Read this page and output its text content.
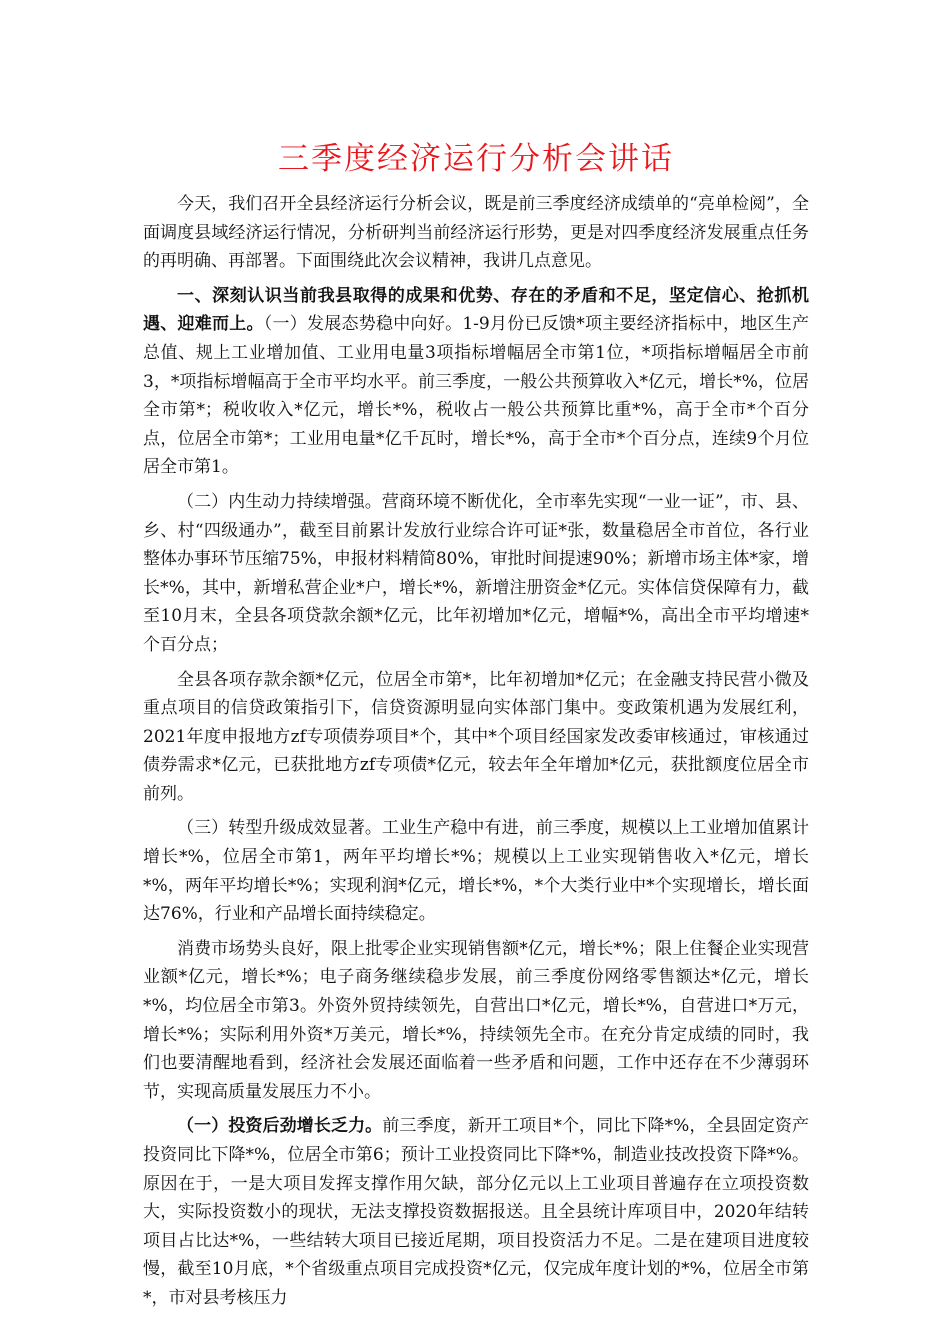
三季度经济运行分析会讲话

今天，我们召开全县经济运行分析会议，既是前三季度经济成绩单的“亮单检阅”，全面调度县域经济运行情况，分析研判当前经济运行形势，更是对四季度经济发展重点任务的再明确、再部署。下面围绕此次会议精神，我讲几点意见。

一、深刻认识当前我县取得的成果和优势、存在的矛盾和不足，坚定信心、抢抓机遇、迎难而上。（一）发展态势稳中向好。1-9月份已反馈*项主要经济指标中，地区生产总值、规上工业增加值、工业用电量3项指标增幅居全市第1位，*项指标增幅居全市前3，*项指标增幅高于全市平均水平。前三季度，一般公共预算收入*亿元，增长*%，位居全市第*；税收收入*亿元，增长*%，税收占一般公共预算比重*%，高于全市*个百分点，位居全市第*；工业用电量*亿千瓦时，增长*%，高于全市*个百分点，连续9个月位居全市第1。

（二）内生动力持续增强。营商环境不断优化，全市率先实现“一业一证”，市、县、乡、村“四级通办”，截至目前累计发放行业综合许可证*张，数量稳居全市首位，各行业整体办事环节压缩75%，申报材料精简80%，审批时间提速90%；新增市场主体*家，增长*%，其中，新增私营企业*户，增长*%，新增注册资金*亿元。实体信贷保障有力，截至10月末，全县各项贷款余额*亿元，比年初增加*亿元，增幅*%，高出全市平均增速*个百分点；

全县各项存款余额*亿元，位居全市第*，比年初增加*亿元；在金融支持民营小微及重点项目的信贷政策指引下，信贷资源明显向实体部门集中。变政策机遇为发展红利，2021年度申报地方zf专项债券项目*个，其中*个项目经国家发改委审核通过，审核通过债券需求*亿元，已获批地方zf专项债*亿元，较去年全年增加*亿元，获批额度位居全市前列。

（三）转型升级成效显著。工业生产稳中有进，前三季度，规模以上工业增加值累计增长*%，位居全市第1，两年平均增长*%；规模以上工业实现销售收入*亿元，增长*%，两年平均增长*%；实现利润*亿元，增长*%，*个大类行业中*个实现增长，增长面达76%，行业和产品增长面持续稳定。

消费市场势头良好，限上批零企业实现销售额*亿元，增长*%；限上住餐企业实现营业额*亿元，增长*%；电子商务继续稳步发展，前三季度份网络零售额达*亿元，增长*%，均位居全市第3。外资外贸持续领先，自营出口*亿元，增长*%，自营进口*万元，增长*%；实际利用外资*万美元，增长*%，持续领先全市。在充分肯定成绩的同时，我们也要清醒地看到，经济社会发展还面临着一些矛盾和问题，工作中还存在不少薄弱环节，实现高质量发展压力不小。

（一）投资后劲增长乏力。前三季度，新开工项目*个，同比下降*%，全县固定资产投资同比下降*%，位居全市第6；预计工业投资同比下降*%，制造业技改投资下降*%。原因在于，一是大项目发挥支撑作用欠缺，部分亿元以上工业项目普遍存在立项投资数大，实际投资数小的现状，无法支撑投资数据报送。且全县统计库项目中，2020年结转项目占比达*%，一些结转大项目已接近尾期，项目投资活力不足。二是在建项目进度较慢，截至10月底，*个省级重点项目完成投资*亿元，仅完成年度计划的*%，位居全市第*，市对县考核压力
